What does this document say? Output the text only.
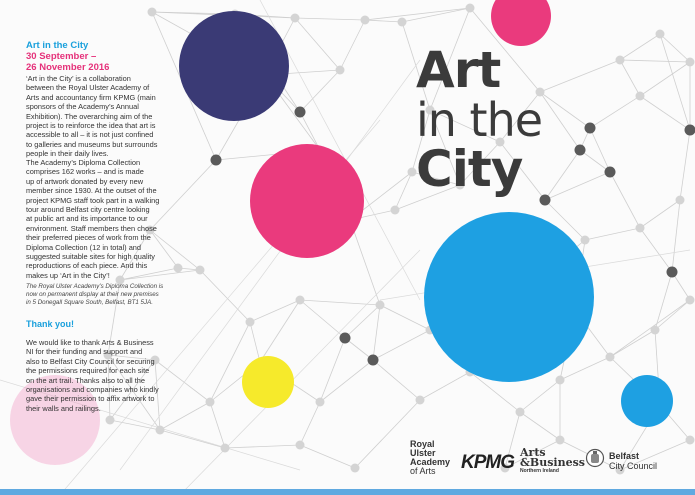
Art in the City
30 September –
26 November 2016

‘Art in the City’ is a collaboration
between the Royal Ulster Academy of
Arts and accountancy firm KPMG (main
sponsors of the Academy’s Annual
Exhibition). The overarching aim of the
project is to reinforce the idea that art is
accessible to all – it is not just confined
to galleries and museums but surrounds
people in their daily lives.

The Academy’s Diploma Collection
comprises 162 works – and is made
up of artwork donated by every new
member since 1930. At the outset of the
project KPMG staff took part in a walking
tour around Belfast city centre looking
at public art and its importance to our
environment. Staff members then chose
their preferred pieces of work from the
Diploma Collection (12 in total) and
suggested suitable sites for high quality
reproductions of each piece. And this
makes up ‘Art in the City’!

The Royal Ulster Academy’s Diploma Collection is
now on permanent display at their new premises
in 5 Donegall Square South, Belfast, BT1 5JA.

Thank you!

We would like to thank Arts & Business
NI for their funding and support and
also to Belfast City Council for securing
the permissions required for each site
on the art trail. Thanks also to all the
organisations and companies who kindly
gave their permission to affix artwork to
their walls and railings.

Art
in the
City
Royal
Ulster
Academy
of Arts	KPMG Arts
&Business
Northern Ireland
Belfast
City Council
